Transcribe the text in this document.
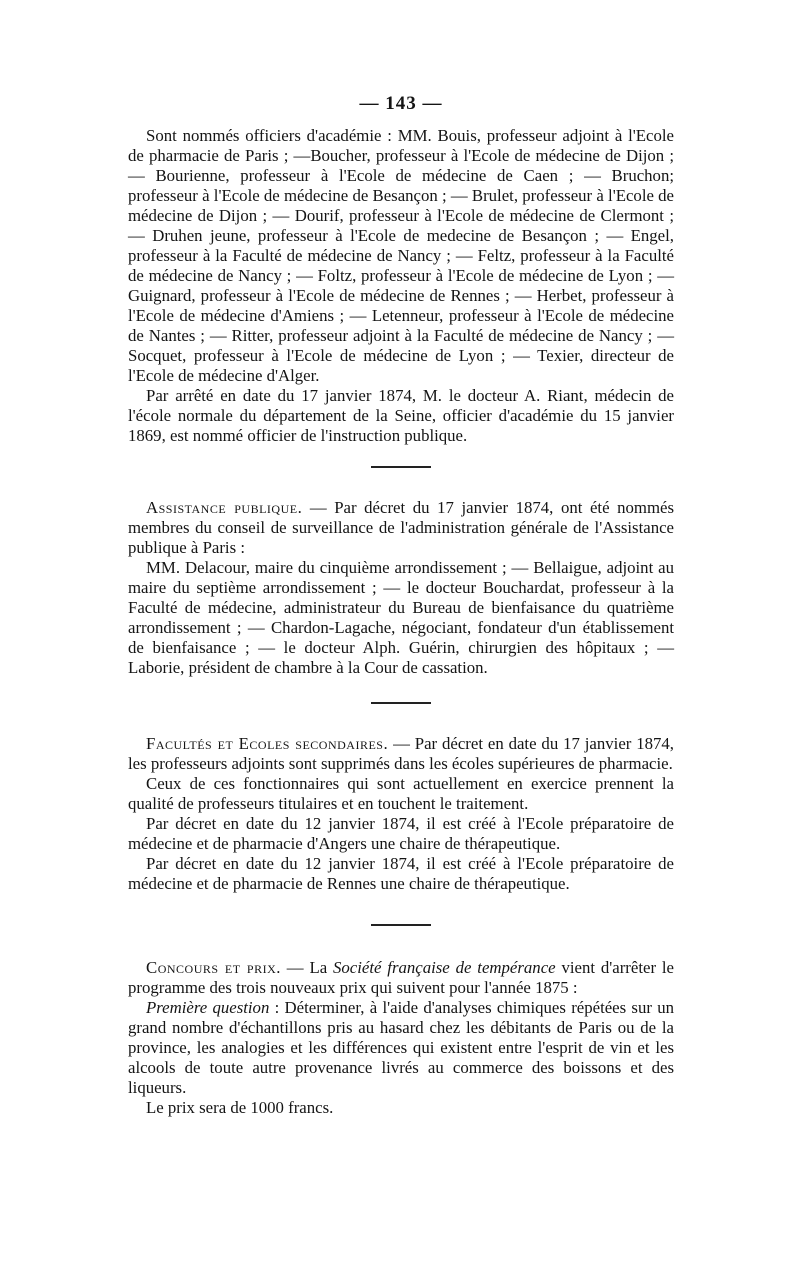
— 143 —

Sont nommés officiers d'académie : MM. Bouis, professeur adjoint à l'Ecole de pharmacie de Paris ; —Boucher, professeur à l'Ecole de médecine de Dijon ; — Bourienne, professeur à l'Ecole de médecine de Caen ; — Bruchon; professeur à l'Ecole de médecine de Besançon ; — Brulet, professeur à l'Ecole de médecine de Dijon ; — Dourif, professeur à l'Ecole de médecine de Clermont ; — Druhen jeune, professeur à l'Ecole de medecine de Besançon ; — Engel, professeur à la Faculté de médecine de Nancy ; — Feltz, professeur à la Faculté de médecine de Nancy ; — Foltz, professeur à l'Ecole de médecine de Lyon ; — Guignard, professeur à l'Ecole de médecine de Rennes ; — Herbet, professeur à l'Ecole de médecine d'Amiens ; — Letenneur, professeur à l'Ecole de médecine de Nantes ; — Ritter, professeur adjoint à la Faculté de médecine de Nancy ; — Socquet, professeur à l'Ecole de médecine de Lyon ; — Texier, directeur de l'Ecole de médecine d'Alger.

Par arrêté en date du 17 janvier 1874, M. le docteur A. Riant, médecin de l'école normale du département de la Seine, officier d'académie du 15 janvier 1869, est nommé officier de l'instruction publique.

Assistance publique. — Par décret du 17 janvier 1874, ont été nommés membres du conseil de surveillance de l'administration générale de l'Assistance publique à Paris :

MM. Delacour, maire du cinquième arrondissement ; — Bellaigue, adjoint au maire du septième arrondissement ; — le docteur Bouchardat, professeur à la Faculté de médecine, administrateur du Bureau de bienfaisance du quatrième arrondissement ; — Chardon-Lagache, négociant, fondateur d'un établissement de bienfaisance ; — le docteur Alph. Guérin, chirurgien des hôpitaux ; — Laborie, président de chambre à la Cour de cassation.

Facultés et Ecoles secondaires. — Par décret en date du 17 janvier 1874, les professeurs adjoints sont supprimés dans les écoles supérieures de pharmacie.

Ceux de ces fonctionnaires qui sont actuellement en exercice prennent la qualité de professeurs titulaires et en touchent le traitement.

Par décret en date du 12 janvier 1874, il est créé à l'Ecole préparatoire de médecine et de pharmacie d'Angers une chaire de thérapeutique.

Par décret en date du 12 janvier 1874, il est créé à l'Ecole préparatoire de médecine et de pharmacie de Rennes une chaire de thérapeutique.

Concours et prix. — La Société française de tempérance vient d'arrêter le programme des trois nouveaux prix qui suivent pour l'année 1875 :

Première question : Déterminer, à l'aide d'analyses chimiques répétées sur un grand nombre d'échantillons pris au hasard chez les débitants de Paris ou de la province, les analogies et les différences qui existent entre l'esprit de vin et les alcools de toute autre provenance livrés au commerce des boissons et des liqueurs.

Le prix sera de 1000 francs.
